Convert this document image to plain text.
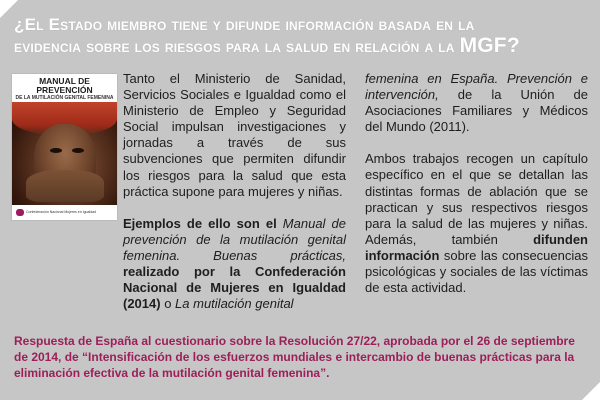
¿El Estado miembro tiene y difunde información basada en la
evidencia sobre los riesgos para la salud en relación a la MGF?
MANUAL DE PREVENCIÓN
DE LA MUTILACIÓN GENITAL FEMENINA
Confederación Nacional Mujeres en Igualdad

Tanto el Ministerio de Sanidad, Servicios Sociales e Igualdad como el Ministerio de Empleo y Seguridad Social impulsan investigaciones y jornadas a través de sus subvenciones que permiten difundir los riesgos para la salud que esta práctica supone para mujeres y niñas.

Ejemplos de ello son el Manual de prevención de la mutilación genital femenina. Buenas prácticas, realizado por la Confederación Nacional de Mujeres en Igualdad (2014) o La mutilación genital

femenina en España. Prevención e intervención, de la Unión de Asociaciones Familiares y Médicos del Mundo (2011).

Ambos trabajos recogen un capítulo específico en el que se detallan las distintas formas de ablación que se practican y sus respectivos riesgos para la salud de las mujeres y niñas. Además, también difunden información sobre las consecuencias psicológicas y sociales de las víctimas de esta actividad.

Respuesta de España al cuestionario sobre la Resolución 27/22, aprobada por el 26 de septiembre de 2014, de “Intensificación de los esfuerzos mundiales e intercambio de buenas prácticas para la eliminación efectiva de la mutilación genital femenina”.
